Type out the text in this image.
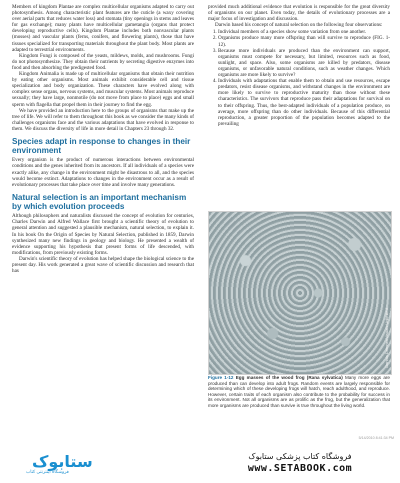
Members of kingdom Plantae are complex multicellular organisms adapted to carry out photosynthesis. Among characteristic plant features are the cuticle (a waxy covering over aerial parts that reduces water loss) and stomata (tiny openings in stems and leaves for gas exchange); many plants have multicellular gametangia (organs that protect developing reproductive cells). Kingdom Plantae includes both nonvascular plants (mosses) and vascular plants (ferns, conifers, and flowering plants), those that have tissues specialized for transporting materials throughout the plant body. Most plants are adapted to terrestrial environments.

Kingdom Fungi is composed of the yeasts, mildews, molds, and mushrooms. Fungi do not photosynthesize. They obtain their nutrients by secreting digestive enzymes into food and then absorbing the predigested food.

Kingdom Animalia is made up of multicellular organisms that obtain their nutrition by eating other organisms. Most animals exhibit considerable cell and tissue specialization and body organization. These characters have evolved along with complex sense organs, nervous systems, and muscular systems. Most animals reproduce sexually; they have large, nonmotile (do not move from place to place) eggs and small sperm with flagella that propel them in their journey to find the egg.

We have provided an introduction here to the groups of organisms that make up the tree of life. We will refer to them throughout this book as we consider the many kinds of challenges organisms face and the various adaptations that have evolved in response to them. We discuss the diversity of life in more detail in Chapters 23 through 32.

Species adapt in response to changes in their environment

Every organism is the product of numerous interactions between environmental conditions and the genes inherited from its ancestors. If all individuals of a species were exactly alike, any change in the environment might be disastrous to all, and the species would become extinct. Adaptations to changes in the environment occur as a result of evolutionary processes that take place over time and involve many generations.

Natural selection is an important mechanism by which evolution proceeds

Although philosophers and naturalists discussed the concept of evolution for centuries, Charles Darwin and Alfred Wallace first brought a scientific theory of evolution to general attention and suggested a plausible mechanism, natural selection, to explain it. In his book On the Origin of Species by Natural Selection, published in 1859, Darwin synthesized many new findings in geology and biology. He presented a wealth of evidence supporting his hypothesis that present forms of life descended, with modifications, from previously existing forms.

Darwin's scientific theory of evolution has helped shape the biological science to the present day. His work generated a great wave of scientific discussion and research that has

provided much additional evidence that evolution is responsible for the great diversity of organisms on our planet. Even today, the details of evolutionary processes are a major focus of investigation and discussion.

Darwin based his concept of natural selection on the following four observations:

1. Individual members of a species show some variation from one another.
2. Organisms produce many more offspring than will survive to reproduce (FIG. 1-12).
3. Because more individuals are produced than the environment can support, organisms must compete for necessary, but limited, resources such as food, sunlight, and space. Also, some organisms are killed by predators, disease organisms, or unfavorable natural conditions, such as weather changes. Which organisms are more likely to survive?
4. Individuals with adaptations that enable them to obtain and use resources, escape predators, resist disease organisms, and withstand changes in the environment are more likely to survive to reproductive maturity than those without these characteristics. The survivors that reproduce pass their adaptations for survival on to their offspring. Thus, the best-adapted individuals of a population produce, on average, more offspring than do other individuals. Because of this differential reproduction, a greater proportion of the population becomes adapted to the prevailing
Dennis Drenner/Visuals Unlimited
Figure 1-12 Egg masses of the wood frog (Rana sylvatica) Many more eggs are produced than can develop into adult frogs. Random events are largely responsible for determining which of these developing frogs will hatch, reach adulthood, and reproduce. However, certain traits of each organism also contribute to the probability for success in its environment. Not all organisms are as prolific as the frog, but the generalization that more organisms are produced than survive is true throughout the living world.
5/14/2010 8:41:34 PM
ستابوک
فروشگاه اینترنتی کتاب
فروشگاه کتاب پزشکی ستابوک
www.SETABOOK.com
